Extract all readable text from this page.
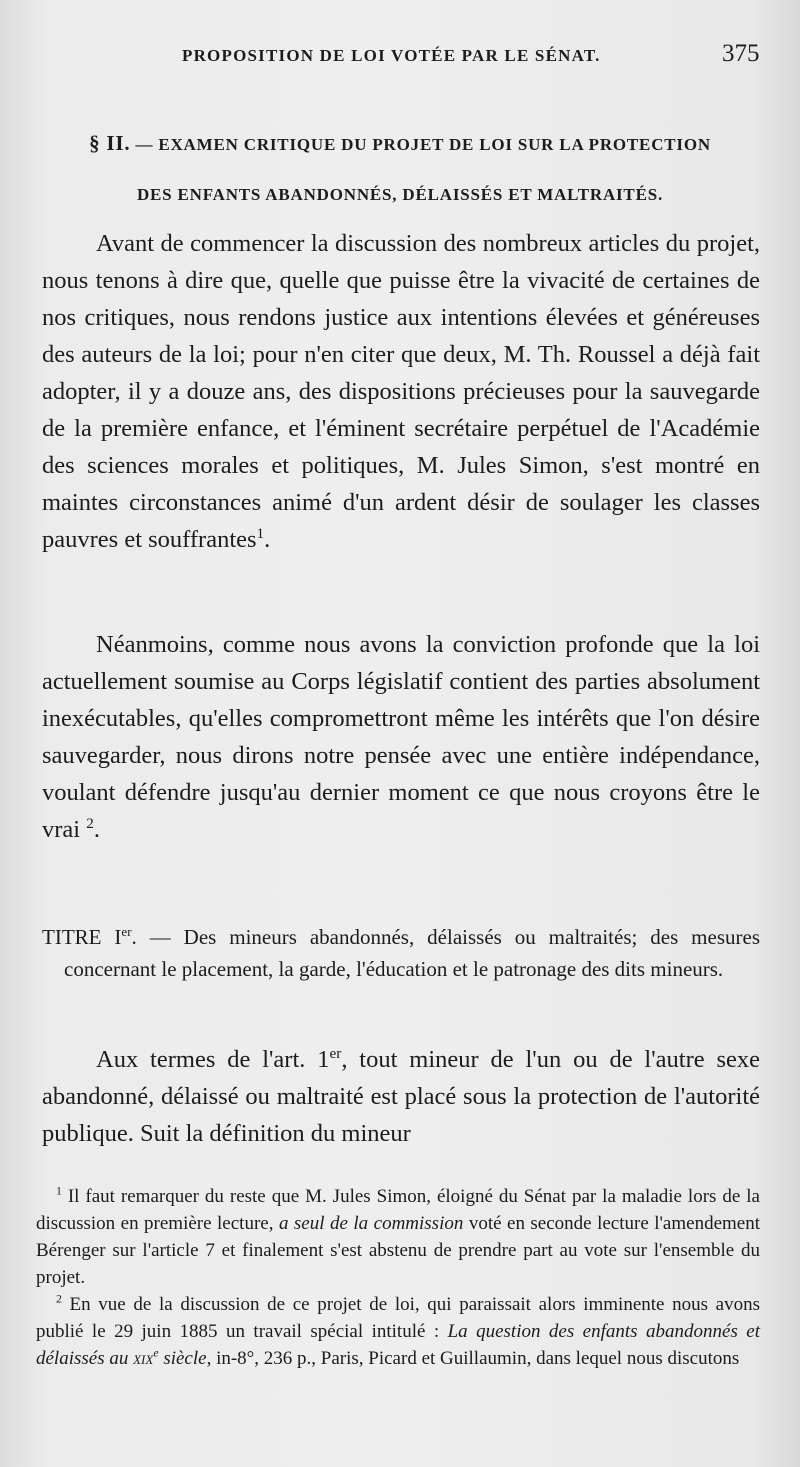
PROPOSITION DE LOI VOTÉE PAR LE SÉNAT.	375
§ II. — EXAMEN CRITIQUE DU PROJET DE LOI SUR LA PROTECTION
DES ENFANTS ABANDONNÉS, DÉLAISSÉS ET MALTRAITÉS.

Avant de commencer la discussion des nombreux articles du projet, nous tenons à dire que, quelle que puisse être la vivacité de certaines de nos critiques, nous rendons justice aux intentions élevées et généreuses des auteurs de la loi; pour n'en citer que deux, M. Th. Roussel a déjà fait adopter, il y a douze ans, des dispositions précieuses pour la sauvegarde de la première enfance, et l'éminent secrétaire perpétuel de l'Académie des sciences morales et politiques, M. Jules Simon, s'est montré en maintes circonstances animé d'un ardent désir de soulager les classes pauvres et souffrantes$^1$.

Néanmoins, comme nous avons la conviction profonde que la loi actuellement soumise au Corps législatif contient des parties absolument inexécutables, qu'elles compromettront même les intérêts que l'on désire sauvegarder, nous dirons notre pensée avec une entière indépendance, voulant défendre jusqu'au dernier moment ce que nous croyons être le vrai $^2$.

TITRE Ier. — Des mineurs abandonnés, délaissés ou maltraités; des mesures concernant le placement, la garde, l'éducation et le patronage des dits mineurs.

Aux termes de l'art. 1er, tout mineur de l'un ou de l'autre sexe abandonné, délaissé ou maltraité est placé sous la protection de l'autorité publique. Suit la définition du mineur

$^1$ Il faut remarquer du reste que M. Jules Simon, éloigné du Sénat par la maladie lors de la discussion en première lecture, a seul de la commission voté en seconde lecture l'amendement Bérenger sur l'article 7 et finalement s'est abstenu de prendre part au vote sur l'ensemble du projet.

$^2$ En vue de la discussion de ce projet de loi, qui paraissait alors imminente nous avons publié le 29 juin 1885 un travail spécial intitulé : La question des enfants abandonnés et délaissés au xix$^e$ siècle, in-8°, 236 p., Paris, Picard et Guillaumin, dans lequel nous discutons
